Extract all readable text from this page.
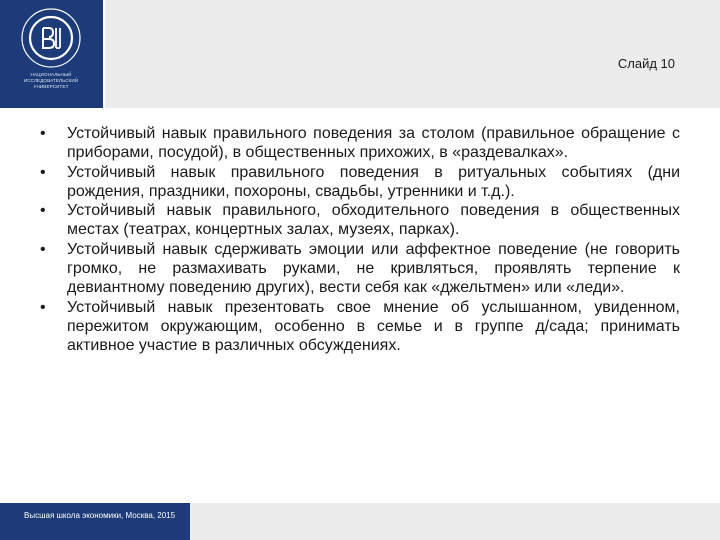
НАЦИОНАЛЬНЫЙ ИССЛЕДОВАТЕЛЬСКИЙ
УНИВЕРСИТЕТ
Слайд 10
• Устойчивый навык правильного поведения за столом (правильное обращение с приборами, посудой), в общественных прихожих, в «раздевалках».
• Устойчивый навык правильного поведения в ритуальных событиях (дни рождения, праздники, похороны, свадьбы, утренники и т.д.).
• Устойчивый навык правильного, обходительного поведения в общественных местах (театрах, концертных залах, музеях, парках).
• Устойчивый навык сдерживать эмоции или аффектное поведение (не говорить громко, не размахивать руками, не кривляться, проявлять терпение к девиантному поведению других), вести себя как «джельтмен» или «леди».
• Устойчивый навык презентовать свое мнение об услышанном, увиденном, пережитом окружающим, особенно в семье и в группе д/сада; принимать активное участие в различных обсуждениях.
Высшая школа экономики, Москва, 2015
